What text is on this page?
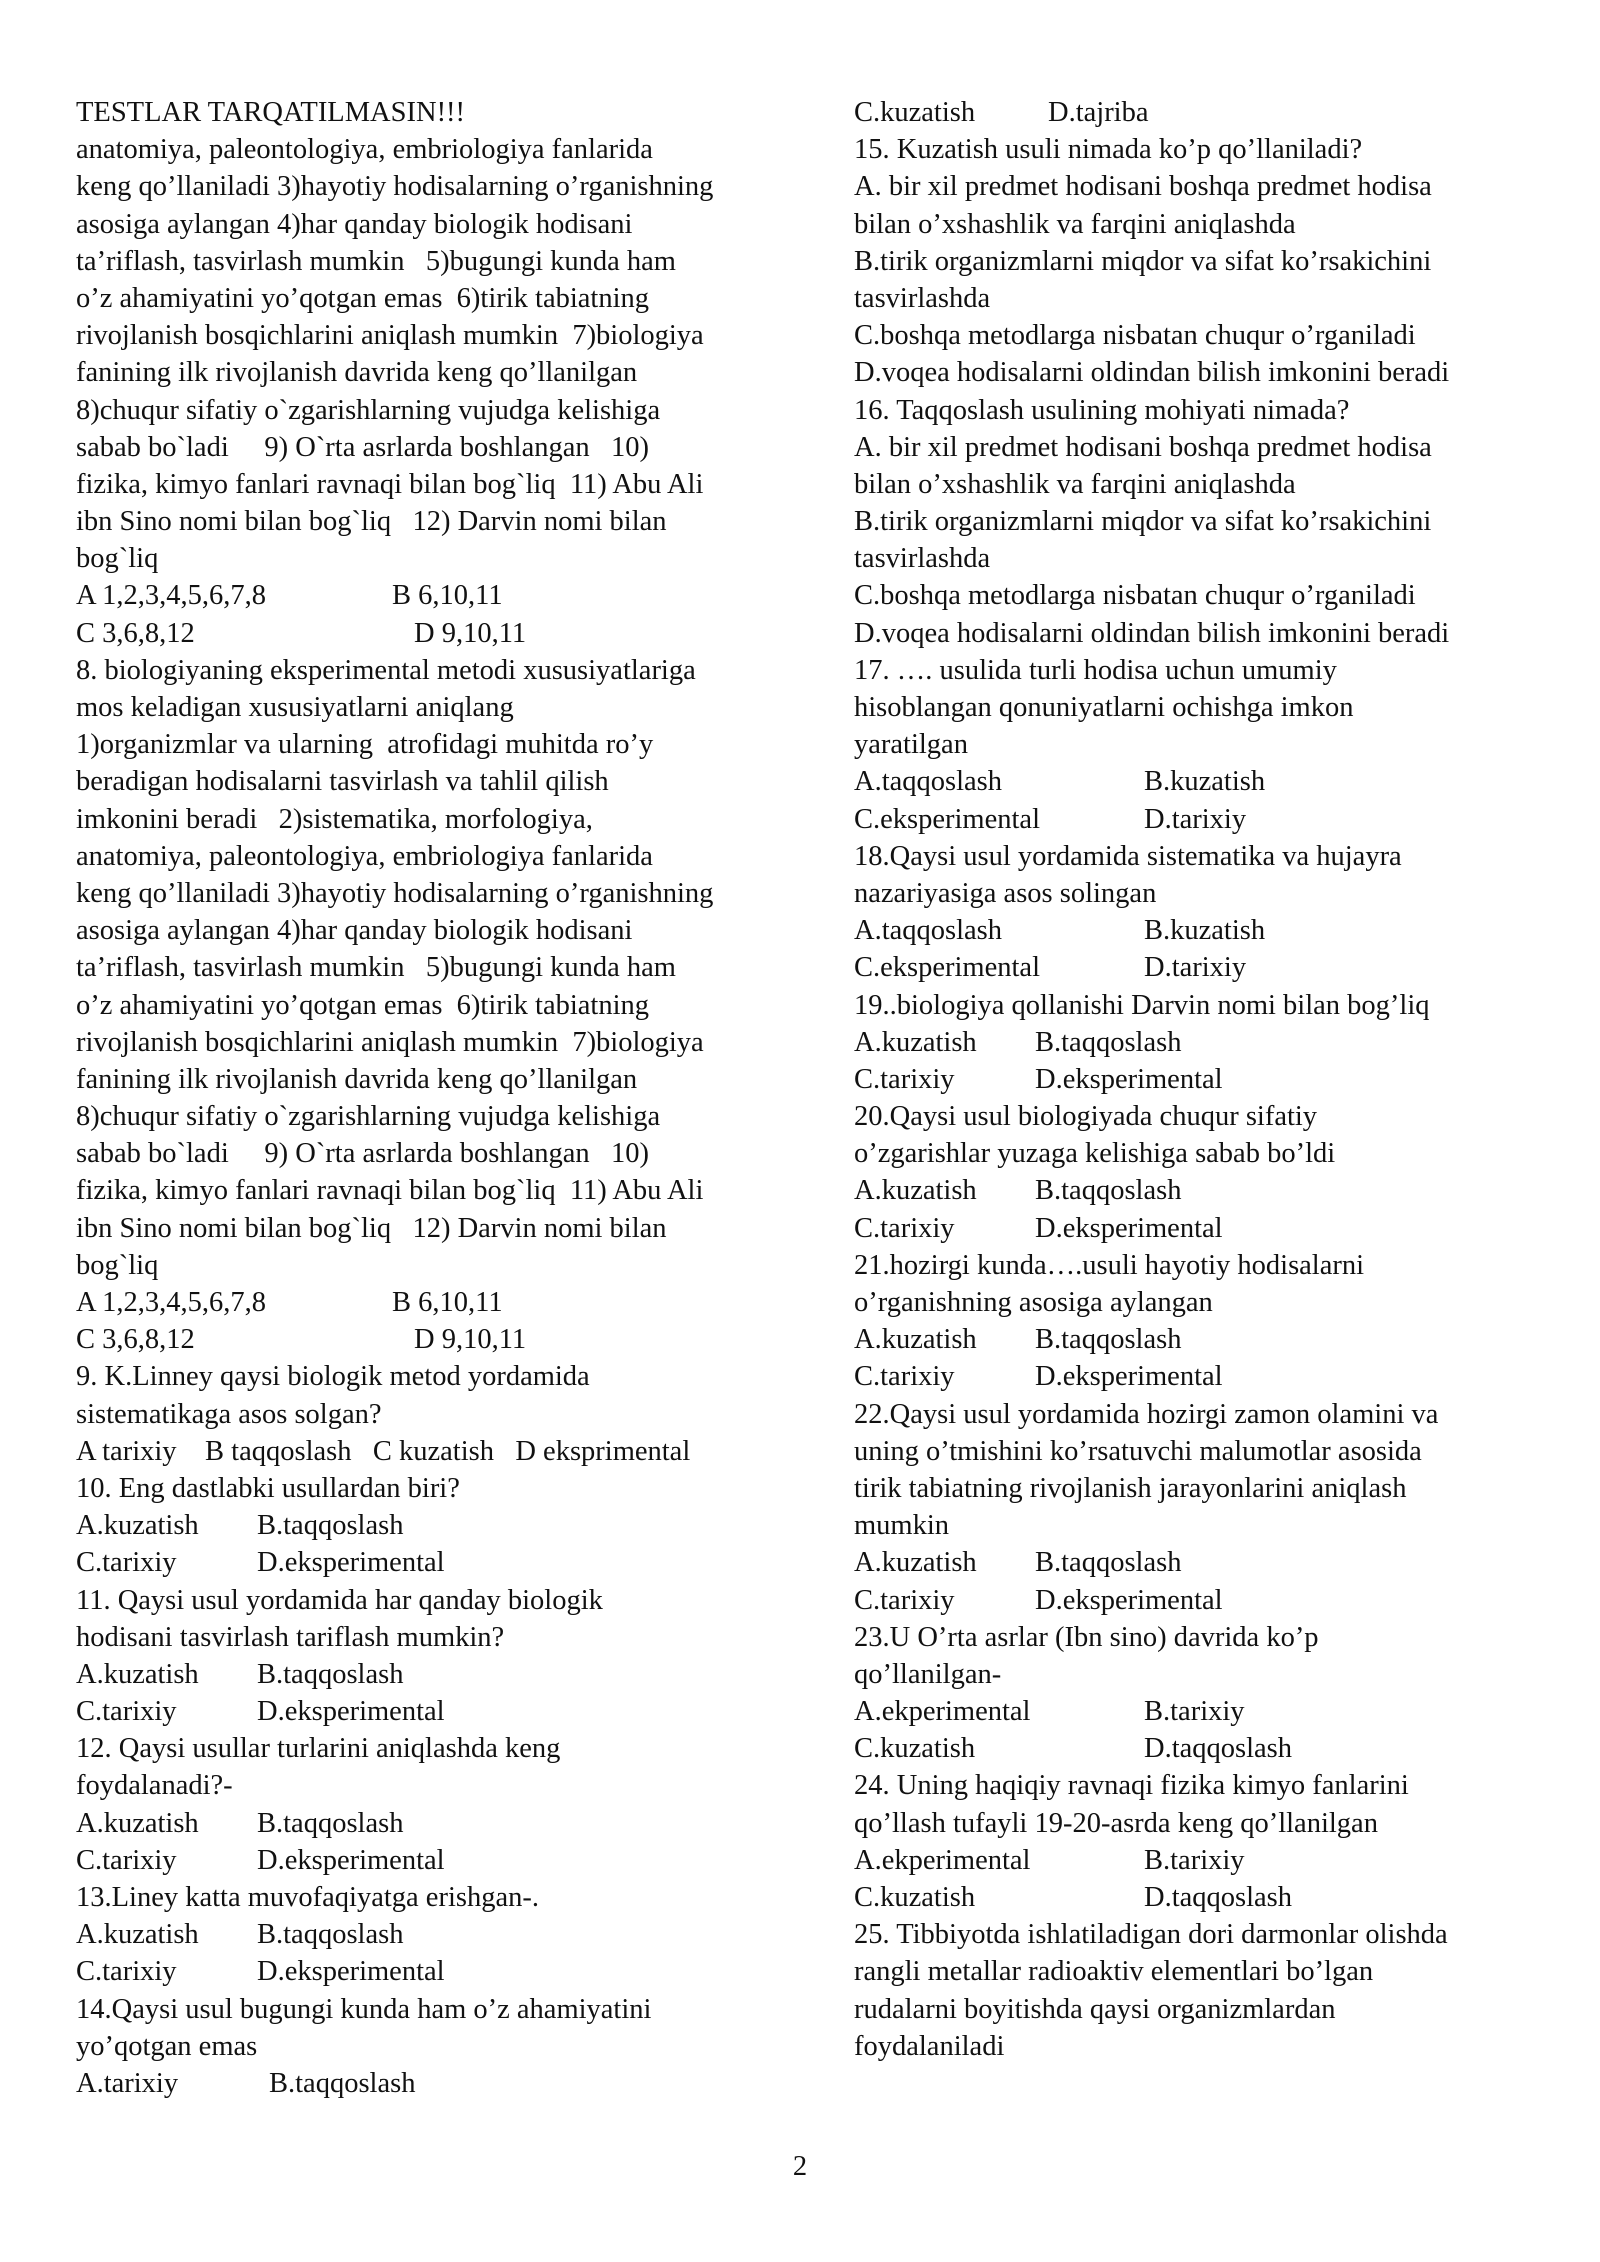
TESTLAR TARQATILMASIN!!!
anatomiya, paleontologiya, embriologiya fanlarida
keng qo’llaniladi 3)hayotiy hodisalarning o’rganishning
asosiga aylangan 4)har qanday biologik hodisani
ta’riflash, tasvirlash mumkin   5)bugungi kunda ham
o’z ahamiyatini yo’qotgan emas  6)tirik tabiatning
rivojlanish bosqichlarini aniqlash mumkin  7)biologiya
fanining ilk rivojlanish davrida keng qo’llanilgan
8)chuqur sifatiy o`zgarishlarning vujudga kelishiga
sabab bo`ladi     9) O`rta asrlarda boshlangan   10)
fizika, kimyo fanlari ravnaqi bilan bog`liq  11) Abu Ali
ibn Sino nomi bilan bog`liq   12) Darvin nomi bilan
bog`liq
A 1,2,3,4,5,6,7,8	B 6,10,11
C 3,6,8,12	D 9,10,11
8. biologiyaning eksperimental metodi xususiyatlariga
mos keladigan xususiyatlarni aniqlang
1)organizmlar va ularning  atrofidagi muhitda ro’y
beradigan hodisalarni tasvirlash va tahlil qilish
imkonini beradi   2)sistematika, morfologiya,
anatomiya, paleontologiya, embriologiya fanlarida
keng qo’llaniladi 3)hayotiy hodisalarning o’rganishning
asosiga aylangan 4)har qanday biologik hodisani
ta’riflash, tasvirlash mumkin   5)bugungi kunda ham
o’z ahamiyatini yo’qotgan emas  6)tirik tabiatning
rivojlanish bosqichlarini aniqlash mumkin  7)biologiya
fanining ilk rivojlanish davrida keng qo’llanilgan
8)chuqur sifatiy o`zgarishlarning vujudga kelishiga
sabab bo`ladi     9) O`rta asrlarda boshlangan   10)
fizika, kimyo fanlari ravnaqi bilan bog`liq  11) Abu Ali
ibn Sino nomi bilan bog`liq   12) Darvin nomi bilan
bog`liq
A 1,2,3,4,5,6,7,8	B 6,10,11
C 3,6,8,12	D 9,10,11
9. K.Linney qaysi biologik metod yordamida
sistematikaga asos solgan?
A tarixiy    B taqqoslash   C kuzatish   D eksprimental
10. Eng dastlabki usullardan biri?
A.kuzatish B.taqqoslash
C.tarixiy	D.eksperimental
11. Qaysi usul yordamida har qanday biologik
hodisani tasvirlash tariflash mumkin?
A.kuzatish B.taqqoslash
C.tarixiy	D.eksperimental
12. Qaysi usullar turlarini aniqlashda keng
foydalanadi?-
A.kuzatish B.taqqoslash
C.tarixiy	D.eksperimental
13.Liney katta muvofaqiyatga erishgan-.
A.kuzatish B.taqqoslash
C.tarixiy	D.eksperimental
14.Qaysi usul bugungi kunda ham o’z ahamiyatini
yo’qotgan emas
A.tarixiy	B.taqqoslash
C.kuzatish	D.tajriba
15. Kuzatish usuli nimada ko’p qo’llaniladi?
A. bir xil predmet hodisani boshqa predmet hodisa
bilan o’xshashlik va farqini aniqlashda
B.tirik organizmlarni miqdor va sifat ko’rsakichini
tasvirlashda
C.boshqa metodlarga nisbatan chuqur o’rganiladi
D.voqea hodisalarni oldindan bilish imkonini beradi
16. Taqqoslash usulining mohiyati nimada?
A. bir xil predmet hodisani boshqa predmet hodisa
bilan o’xshashlik va farqini aniqlashda
B.tirik organizmlarni miqdor va sifat ko’rsakichini
tasvirlashda
C.boshqa metodlarga nisbatan chuqur o’rganiladi
D.voqea hodisalarni oldindan bilish imkonini beradi
17. …. usulida turli hodisa uchun umumiy
hisoblangan qonuniyatlarni ochishga imkon
yaratilgan
A.taqqoslash	B.kuzatish
C.eksperimental	D.tarixiy
18.Qaysi usul yordamida sistematika va hujayra
nazariyasiga asos solingan
A.taqqoslash	B.kuzatish
C.eksperimental	D.tarixiy
19..biologiya qollanishi Darvin nomi bilan bog’liq
A.kuzatish B.taqqoslash
C.tarixiy	D.eksperimental
20.Qaysi usul biologiyada chuqur sifatiy
o’zgarishlar yuzaga kelishiga sabab bo’ldi
A.kuzatish B.taqqoslash
C.tarixiy	D.eksperimental
21.hozirgi kunda….usuli hayotiy hodisalarni
o’rganishning asosiga aylangan
A.kuzatish B.taqqoslash
C.tarixiy	D.eksperimental
22.Qaysi usul yordamida hozirgi zamon olamini va
uning o’tmishini ko’rsatuvchi malumotlar asosida
tirik tabiatning rivojlanish jarayonlarini aniqlash
mumkin
A.kuzatish B.taqqoslash
C.tarixiy	D.eksperimental
23.U O’rta asrlar (Ibn sino) davrida ko’p
qo’llanilgan-
A.ekperimental	B.tarixiy
C.kuzatish	D.taqqoslash
24. Uning haqiqiy ravnaqi fizika kimyo fanlarini
qo’llash tufayli 19-20-asrda keng qo’llanilgan
A.ekperimental	B.tarixiy
C.kuzatish	D.taqqoslash
25. Tibbiyotda ishlatiladigan dori darmonlar olishda
rangli metallar radioaktiv elementlari bo’lgan
rudalarni boyitishda qaysi organizmlardan
foydalaniladi
2
